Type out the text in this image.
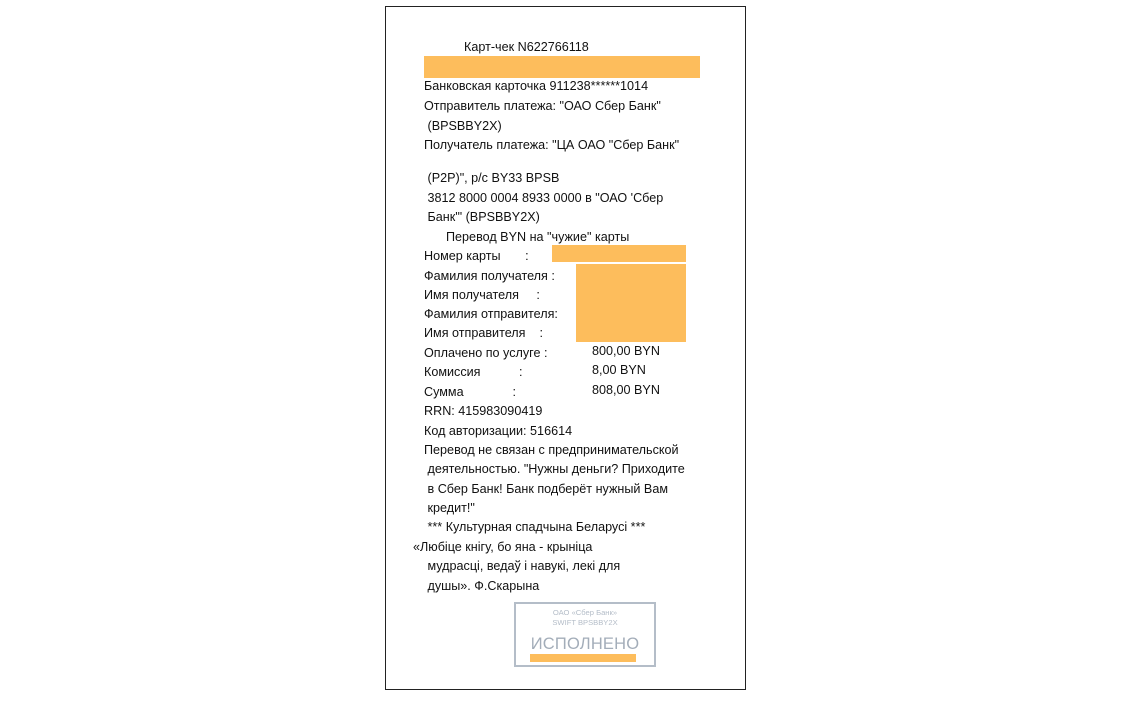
Карт-чек N622766118

Банковская карточка 911238******1014

Отправитель платежа: "ОАО Сбер Банк"

(BPSBBY2X)

Получатель платежа: "ЦА ОАО "Сбер Банк"

(P2P)", р/с BY33 BPSB

3812 8000 0004 8933 0000 в "ОАО 'Сбер

Банк'" (BPSBBY2X)

Перевод BYN на "чужие" карты

Номер карты       :

Фамилия получателя :

Имя получателя     :

Фамилия отправителя:

Имя отправителя    :

Оплачено по услуге :	800,00 BYN

Комиссия           :	8,00 BYN

Сумма              :	808,00 BYN

RRN: 415983090419

Код авторизации: 516614

Перевод не связан с предпринимательской

деятельностью. "Нужны деньги? Приходите

в Сбер Банк! Банк подберёт нужный Вам

кредит!"

*** Культурная спадчына Беларусі ***

«Любіце кнігу, бо яна - крыніца

мудрасці, ведаў і навукі, лекі для

душы». Ф.Скарына

ОАО «Сбер Банк»
SWIFT BPSBBY2X
ИСПОЛНЕНО
